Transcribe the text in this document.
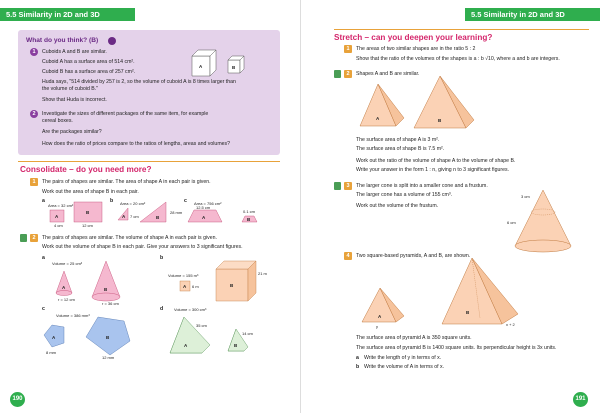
5.5 Similarity in 2D and 3D
What do you think? (B)
1	Cuboids A and B are similar.
Cuboid A has a surface area of 514 cm².
Cuboid B has a surface area of 257 cm².
Huda says, "514 divided by 257 is 2, so the volume of cuboid A is 8 times larger than
the volume of cuboid B."
Show that Huda is incorrect.
A	B
2	Investigate the sizes of different packages of the same item, for example
cereal boxes.
Are the packages similar?
How does the ratio of prices compare to the ratios of lengths, areas and volumes?
Consolidate – do you need more?
1	The pairs of shapes are similar. The area of shape A in each pair is given.
Work out the area of shape B in each pair.
a	b	c
Area = 32 cm²
A
B
4 cm	12 cm
Area = 20 cm²
A 7 cm	B
28 mm
Area = 756 cm²
A
12.5 cm
B
0.1 cm
2	The pairs of shapes are similar. The volume of shape A in each pair is given.
Work out the volume of shape B in each pair. Give your answers to 3 significant figures.
a	b
c	d
Volume = 25 cm³
A
r = 12 cm
B
r = 36 cm
Volume = 155 m³
A 6 m	B
21 m
Volume = 386 mm³
A
8 mm
B
12 mm
Volume = 300 cm³
A
35 cm
B
14 cm
190
5.5 Similarity in 2D and 3D
Stretch – can you deepen your learning?
1	The areas of two similar shapes are in the ratio 5 : 2
Show that the ratio of the volumes of the shapes is a : b √10, where a and b are integers.
2	Shapes A and B are similar.
A	B
The surface area of shape A is 3 m².
The surface area of shape B is 7.5 m².
Work out the ratio of the volume of shape A to the volume of shape B.
Write your answer in the form 1 : n, giving n to 3 significant figures.
3	The larger cone is split into a smaller cone and a frustum.
The larger cone has a volume of 155 cm³.
Work out the volume of the frustum.
3 cm
6 cm
4	Two square-based pyramids, A and B, are shown.
A
y
B
x + 2
The surface area of pyramid A is 350 square units.
The surface area of pyramid B is 1400 square units. Its perpendicular height is 3x units.
a Write the length of y in terms of x.
b Write the volume of A in terms of x.
191
